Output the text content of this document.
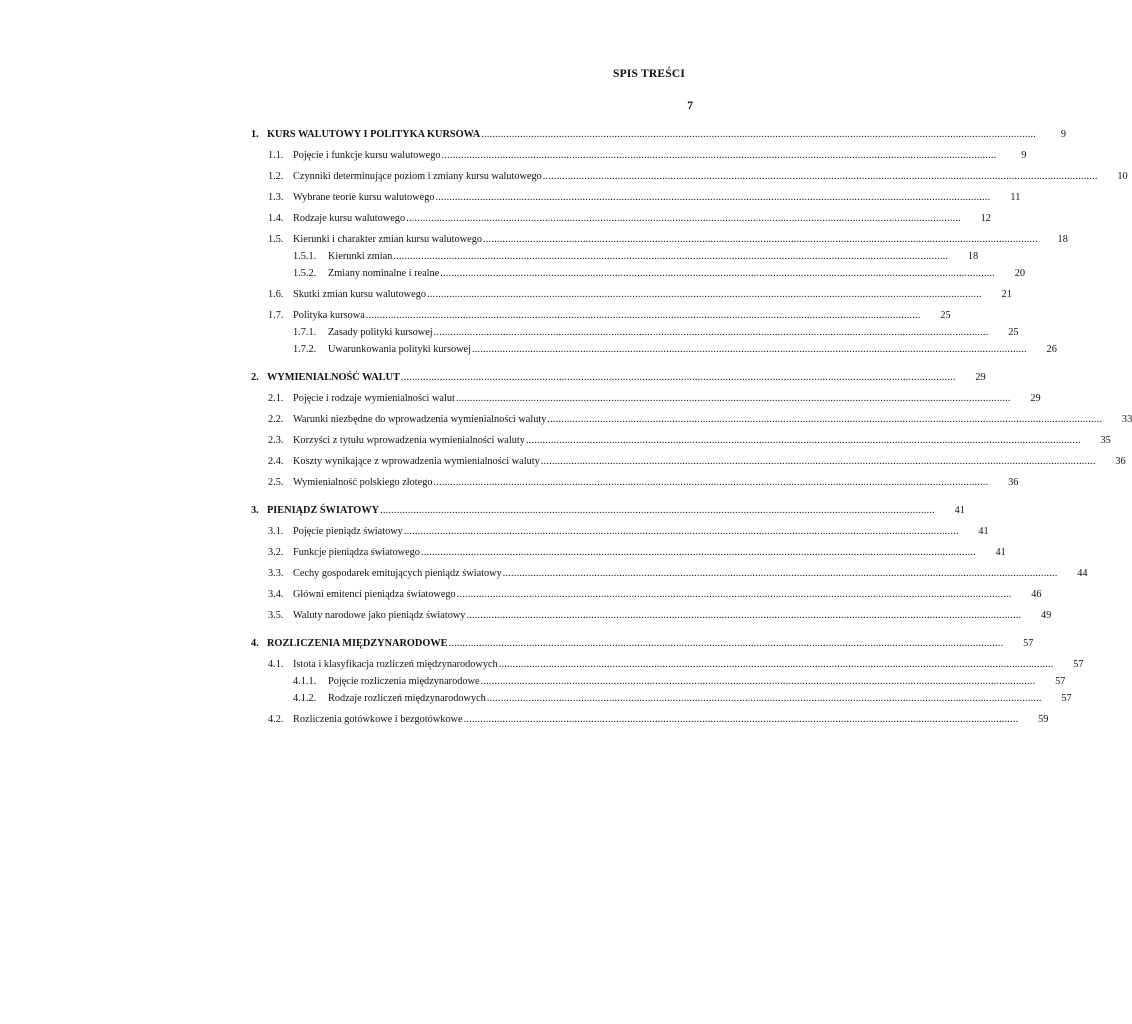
SPIS TREŚCI
7
1. KURS WALUTOWY I POLITYKA KURSOWA .....	9
1.1. Pojęcie i funkcje kursu walutowego .....	9
1.2. Czynniki determinujące poziom i zmiany kursu walutowego .....	10
1.3. Wybrane teorie kursu walutowego .....	11
1.4. Rodzaje kursu walutowego .....	12
1.5. Kierunki i charakter zmian kursu walutowego .....	18
1.5.1.	Kierunki zmian .....	18
1.5.2.	Zmiany nominalne i realne .....	20
1.6. Skutki zmian kursu walutowego .....	21
1.7. Polityka kursowa .....	25
1.7.1.	Zasady polityki kursowej .....	25
1.7.2.	Uwarunkowania polityki kursowej .....	26
2. WYMIENIALNOŚĆ WALUT .....	29
2.1. Pojęcie i rodzaje wymienialności walut .....	29
2.2. Warunki niezbędne do wprowadzenia wymienialności waluty .....	33
2.3. Korzyści z tytułu wprowadzenia wymienialności waluty .....	35
2.4. Koszty wynikające z wprowadzenia wymienialności waluty .....	36
2.5. Wymienialność polskiego złotego .....	36
3. PIENIĄDZ ŚWIATOWY .....	41
3.1. Pojęcie pieniądz światowy .....	41
3.2. Funkcje pieniądza światowego .....	41
3.3. Cechy gospodarek emitujących pieniądz światowy .....	44
3.4. Główni emitenci pieniądza światowego .....	46
3.5. Waluty narodowe jako pieniądz światowy .....	49
4. ROZLICZENIA MIĘDZYNARODOWE .....	57
4.1. Istota i klasyfikacja rozliczeń międzynarodowych .....	57
4.1.1.	Pojęcie rozliczenia międzynarodowe .....	57
4.1.2.	Rodzaje rozliczeń międzynarodowych .....	57
4.2. Rozliczenia gotówkowe i bezgotówkowe .....	59
